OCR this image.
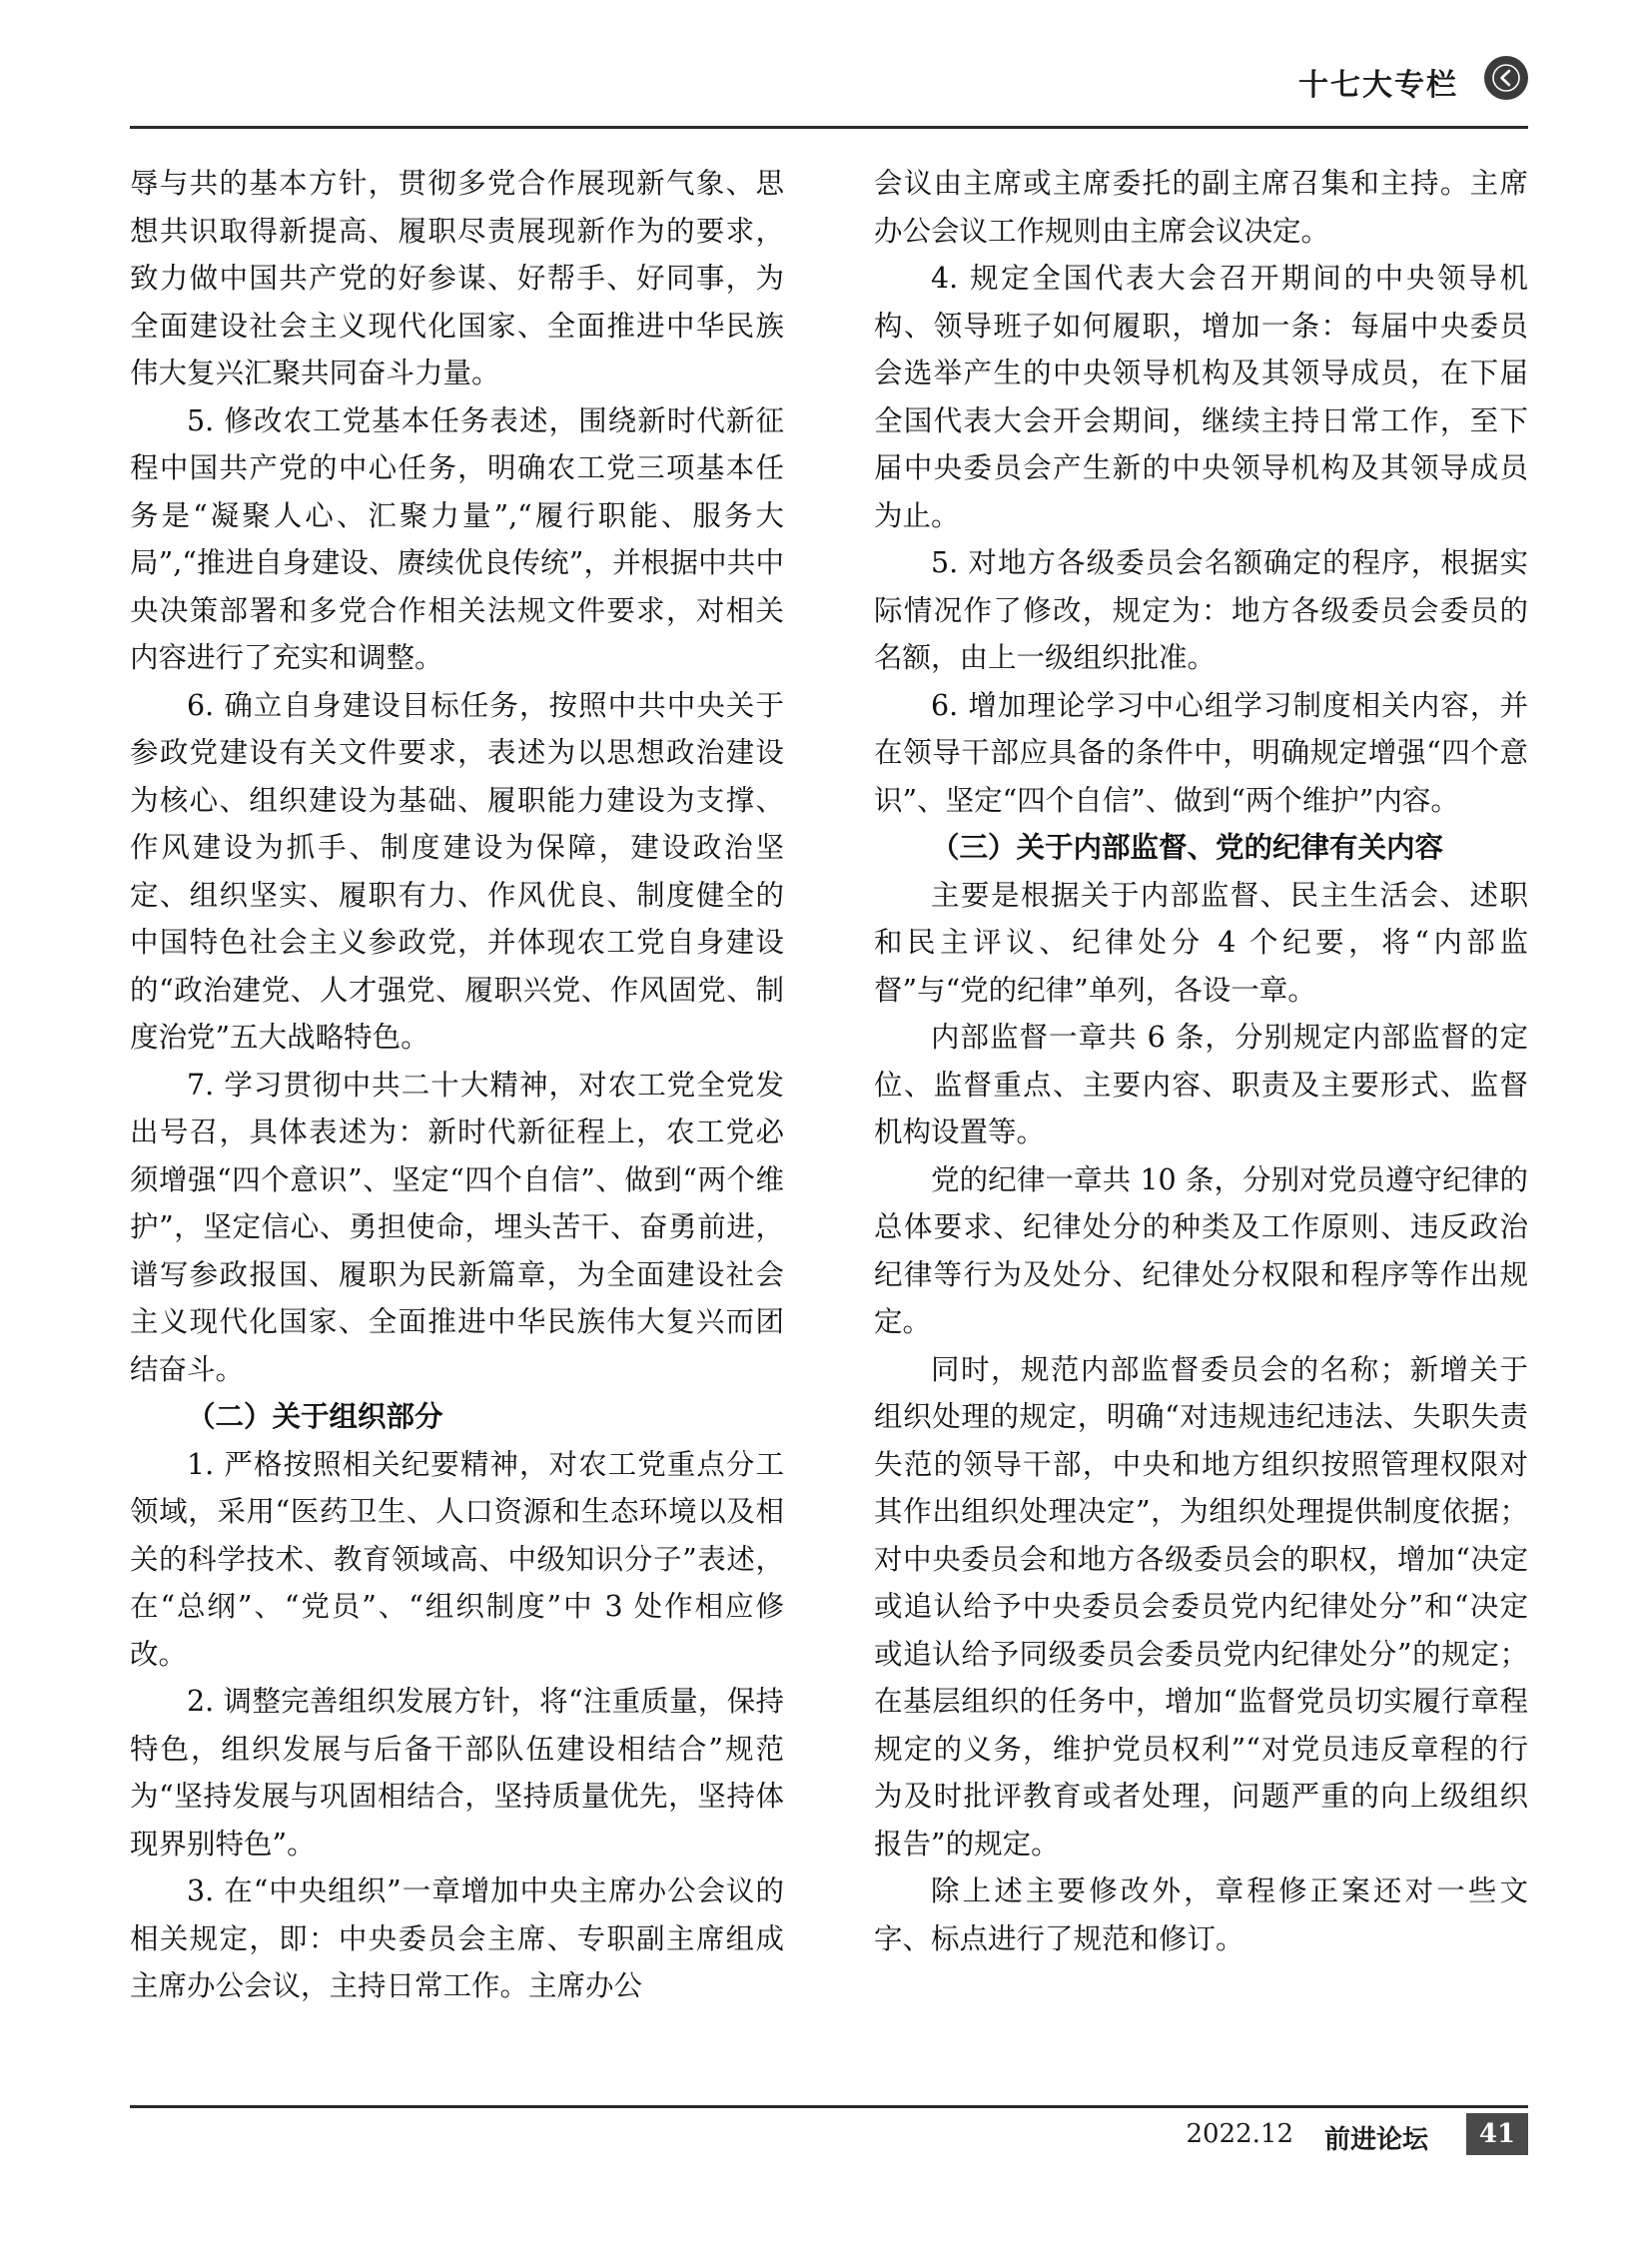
十七大专栏

辱与共的基本方针，贯彻多党合作展现新气象、思想共识取得新提高、履职尽责展现新作为的要求，致力做中国共产党的好参谋、好帮手、好同事，为全面建设社会主义现代化国家、全面推进中华民族伟大复兴汇聚共同奋斗力量。

5. 修改农工党基本任务表述，围绕新时代新征程中国共产党的中心任务，明确农工党三项基本任务是“凝聚人心、汇聚力量”,“履行职能、服务大局”,“推进自身建设、赓续优良传统”，并根据中共中央决策部署和多党合作相关法规文件要求，对相关内容进行了充实和调整。

6. 确立自身建设目标任务，按照中共中央关于参政党建设有关文件要求，表述为以思想政治建设为核心、组织建设为基础、履职能力建设为支撑、作风建设为抓手、制度建设为保障，建设政治坚定、组织坚实、履职有力、作风优良、制度健全的中国特色社会主义参政党，并体现农工党自身建设的“政治建党、人才强党、履职兴党、作风固党、制度治党”五大战略特色。

7. 学习贯彻中共二十大精神，对农工党全党发出号召，具体表述为：新时代新征程上，农工党必须增强“四个意识”、坚定“四个自信”、做到“两个维护”，坚定信心、勇担使命，埋头苦干、奋勇前进，谱写参政报国、履职为民新篇章，为全面建设社会主义现代化国家、全面推进中华民族伟大复兴而团结奋斗。

（二）关于组织部分

1. 严格按照相关纪要精神，对农工党重点分工领域，采用“医药卫生、人口资源和生态环境以及相关的科学技术、教育领域高、中级知识分子”表述，在“总纲”、“党员”、“组织制度”中 3 处作相应修改。

2. 调整完善组织发展方针，将“注重质量，保持特色，组织发展与后备干部队伍建设相结合”规范为“坚持发展与巩固相结合，坚持质量优先，坚持体现界别特色”。

3. 在“中央组织”一章增加中央主席办公会议的相关规定，即：中央委员会主席、专职副主席组成主席办公会议，主持日常工作。主席办公

会议由主席或主席委托的副主席召集和主持。主席办公会议工作规则由主席会议决定。

4. 规定全国代表大会召开期间的中央领导机构、领导班子如何履职，增加一条：每届中央委员会选举产生的中央领导机构及其领导成员，在下届全国代表大会开会期间，继续主持日常工作，至下届中央委员会产生新的中央领导机构及其领导成员为止。

5. 对地方各级委员会名额确定的程序，根据实际情况作了修改，规定为：地方各级委员会委员的名额，由上一级组织批准。

6. 增加理论学习中心组学习制度相关内容，并在领导干部应具备的条件中，明确规定增强“四个意识”、坚定“四个自信”、做到“两个维护”内容。

（三）关于内部监督、党的纪律有关内容

主要是根据关于内部监督、民主生活会、述职和民主评议、纪律处分 4 个纪要，将“内部监督”与“党的纪律”单列，各设一章。

内部监督一章共 6 条，分别规定内部监督的定位、监督重点、主要内容、职责及主要形式、监督机构设置等。

党的纪律一章共 10 条，分别对党员遵守纪律的总体要求、纪律处分的种类及工作原则、违反政治纪律等行为及处分、纪律处分权限和程序等作出规定。

同时，规范内部监督委员会的名称；新增关于组织处理的规定，明确“对违规违纪违法、失职失责失范的领导干部，中央和地方组织按照管理权限对其作出组织处理决定”，为组织处理提供制度依据；对中央委员会和地方各级委员会的职权，增加“决定或追认给予中央委员会委员党内纪律处分”和“决定或追认给予同级委员会委员党内纪律处分”的规定；在基层组织的任务中，增加“监督党员切实履行章程规定的义务，维护党员权利”“对党员违反章程的行为及时批评教育或者处理，问题严重的向上级组织报告”的规定。

除上述主要修改外，章程修正案还对一些文字、标点进行了规范和修订。

2022.12 前进论坛	41
